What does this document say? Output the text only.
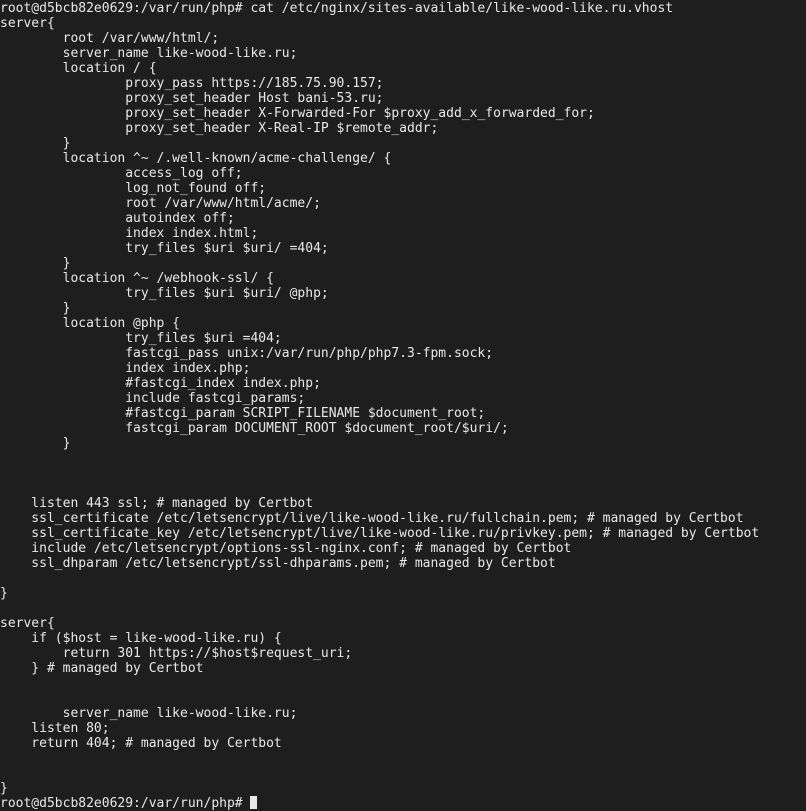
root@d5bcb82e0629:/var/run/php# cat /etc/nginx/sites-available/like-wood-like.ru.vhost
server{
root /var/www/html/;
server_name like-wood-like.ru;
location / {
proxy_pass https://185.75.90.157;
proxy_set_header Host bani-53.ru;
proxy_set_header X-Forwarded-For $proxy_add_x_forwarded_for;
proxy_set_header X-Real-IP $remote_addr;
}
location ^~ /.well-known/acme-challenge/ {
access_log off;
log_not_found off;
root /var/www/html/acme/;
autoindex off;
index index.html;
try_files $uri $uri/ =404;
}
location ^~ /webhook-ssl/ {
try_files $uri $uri/ @php;
}
location @php {
try_files $uri =404;
fastcgi_pass unix:/var/run/php/php7.3-fpm.sock;
index index.php;
#fastcgi_index index.php;
include fastcgi_params;
#fastcgi_param SCRIPT_FILENAME $document_root;
fastcgi_param DOCUMENT_ROOT $document_root/$uri/;
}
listen 443 ssl; # managed by Certbot
ssl_certificate /etc/letsencrypt/live/like-wood-like.ru/fullchain.pem; # managed by Certbot
ssl_certificate_key /etc/letsencrypt/live/like-wood-like.ru/privkey.pem; # managed by Certbot
include /etc/letsencrypt/options-ssl-nginx.conf; # managed by Certbot
ssl_dhparam /etc/letsencrypt/ssl-dhparams.pem; # managed by Certbot
}
server{
if ($host = like-wood-like.ru) {
return 301 https://$host$request_uri;
} # managed by Certbot
server_name like-wood-like.ru;
listen 80;
return 404; # managed by Certbot
}
root@d5bcb82e0629:/var/run/php#
